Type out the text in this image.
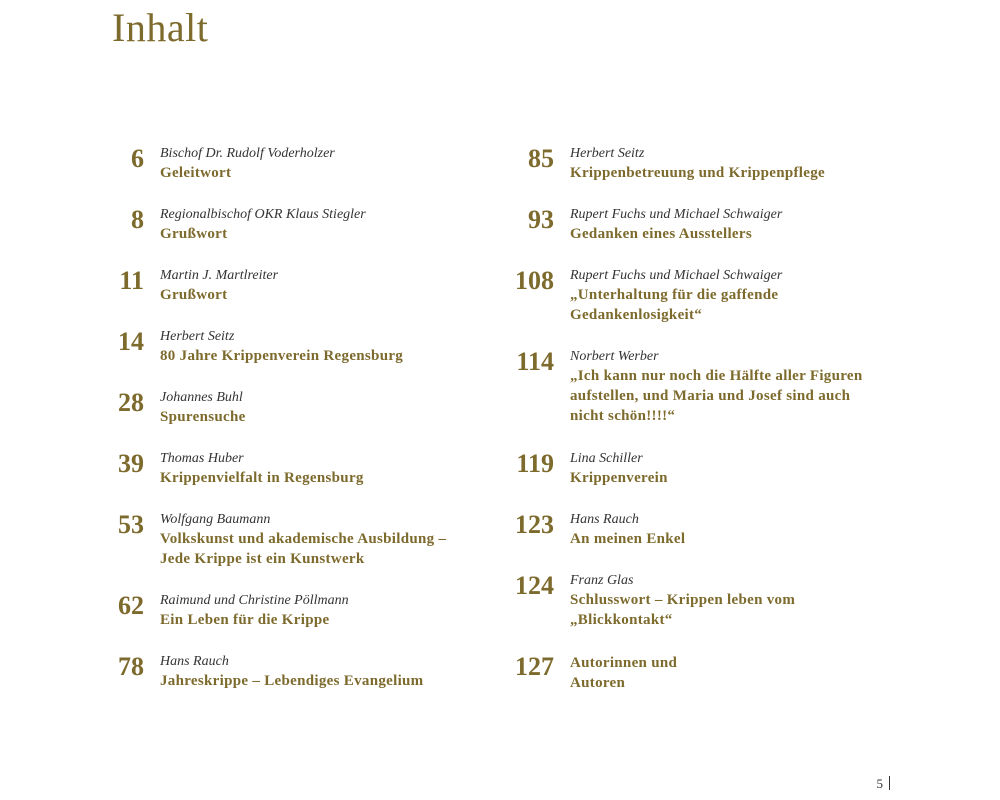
Inhalt
6 Bischof Dr. Rudolf Voderholzer
Geleitwort
8 Regionalbischof OKR Klaus Stiegler
Grußwort
11 Martin J. Martlreiter
Grußwort
14 Herbert Seitz
80 Jahre Krippenverein Regensburg
28 Johannes Buhl
Spurensuche
39 Thomas Huber
Krippenvielfalt in Regensburg
53 Wolfgang Baumann
Volkskunst und akademische Ausbildung –
Jede Krippe ist ein Kunstwerk
62 Raimund und Christine Pöllmann
Ein Leben für die Krippe
78 Hans Rauch
Jahreskrippe – Lebendiges Evangelium
85 Herbert Seitz
Krippenbetreuung und Krippenpflege
93 Rupert Fuchs und Michael Schwaiger
Gedanken eines Ausstellers
108 Rupert Fuchs und Michael Schwaiger
„Unterhaltung für die gaffende
Gedankenlosigkeit“
114 Norbert Werber
„Ich kann nur noch die Hälfte aller Figuren
aufstellen, und Maria und Josef sind auch
nicht schön!!!!“
119 Lina Schiller
Krippenverein
123 Hans Rauch
An meinen Enkel
124 Franz Glas
Schlusswort – Krippen leben vom
„Blickkontakt“
127 Autorinnen und
Autoren
5
